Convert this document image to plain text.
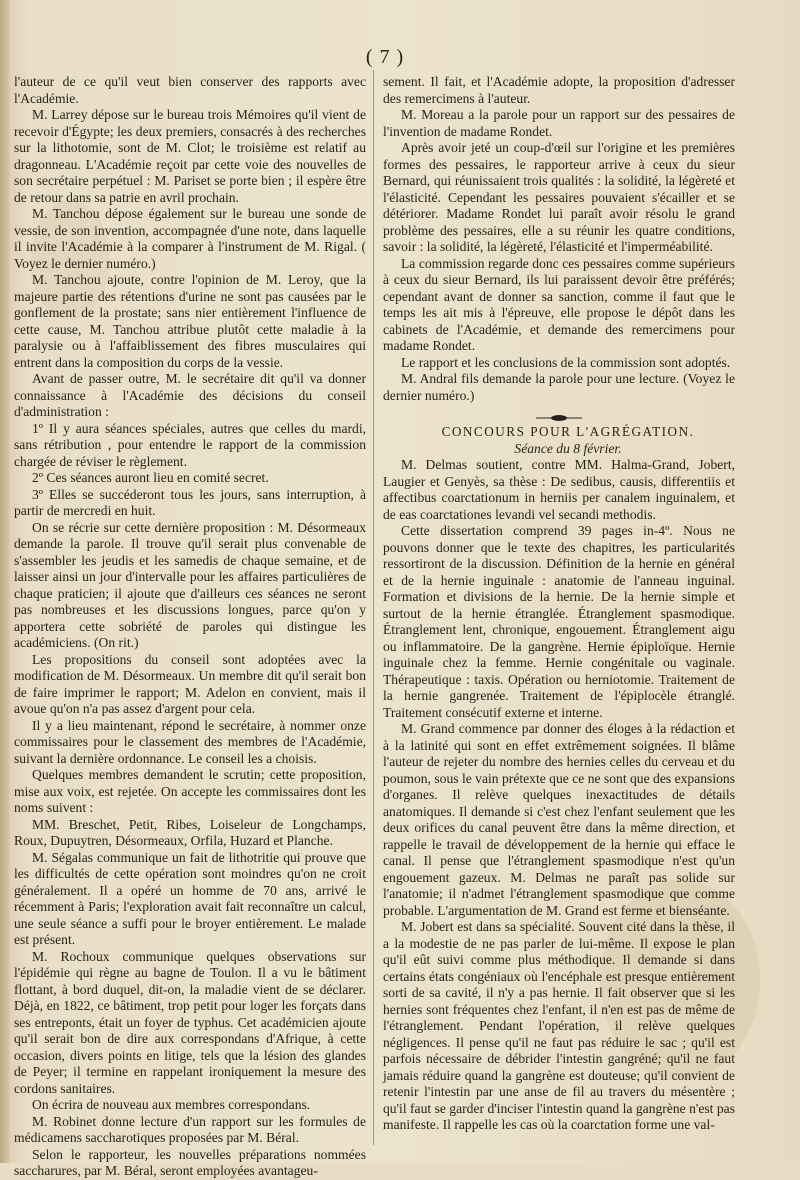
( 7 )

l'auteur de ce qu'il veut bien conserver des rapports avec l'Académie.

M. Larrey dépose sur le bureau trois Mémoires qu'il vient de recevoir d'Égypte; les deux premiers, consacrés à des recherches sur la lithotomie, sont de M. Clot; le troisième est relatif au dragonneau. L'Académie reçoit par cette voie des nouvelles de son secrétaire perpétuel : M. Pariset se porte bien ; il espère être de retour dans sa patrie en avril prochain.

M. Tanchou dépose également sur le bureau une sonde de vessie, de son invention, accompagnée d'une note, dans laquelle il invite l'Académie à la comparer à l'instrument de M. Rigal. ( Voyez le dernier numéro.)

M. Tanchou ajoute, contre l'opinion de M. Leroy, que la majeure partie des rétentions d'urine ne sont pas causées par le gonflement de la prostate; sans nier entièrement l'influence de cette cause, M. Tanchou attribue plutôt cette maladie à la paralysie ou à l'affaiblissement des fibres musculaires qui entrent dans la composition du corps de la vessie.

Avant de passer outre, M. le secrétaire dit qu'il va donner connaissance à l'Académie des décisions du conseil d'administration :

1º Il y aura séances spéciales, autres que celles du mardi, sans rétribution , pour entendre le rapport de la commission chargée de réviser le règlement.

2º Ces séances auront lieu en comité secret.

3º Elles se succéderont tous les jours, sans interruption, à partir de mercredi en huit.

On se récrie sur cette dernière proposition : M. Désormeaux demande la parole. Il trouve qu'il serait plus convenable de s'assembler les jeudis et les samedis de chaque semaine, et de laisser ainsi un jour d'intervalle pour les affaires particulières de chaque praticien; il ajoute que d'ailleurs ces séances ne seront pas nombreuses et les discussions longues, parce qu'on y apportera cette sobriété de paroles qui distingue les académiciens. (On rit.)

Les propositions du conseil sont adoptées avec la modification de M. Désormeaux. Un membre dit qu'il serait bon de faire imprimer le rapport; M. Adelon en convient, mais il avoue qu'on n'a pas assez d'argent pour cela.

Il y a lieu maintenant, répond le secrétaire, à nommer onze commissaires pour le classement des membres de l'Académie, suivant la dernière ordonnance. Le conseil les a choisis.

Quelques membres demandent le scrutin; cette proposition, mise aux voix, est rejetée. On accepte les commissaires dont les noms suivent :

MM. Breschet, Petit, Ribes, Loiseleur de Longchamps, Roux, Dupuytren, Désormeaux, Orfila, Huzard et Planche.

M. Ségalas communique un fait de lithotritie qui prouve que les difficultés de cette opération sont moindres qu'on ne croit généralement. Il a opéré un homme de 70 ans, arrivé le récemment à Paris; l'exploration avait fait reconnaître un calcul, une seule séance a suffi pour le broyer entièrement. Le malade est présent.

M. Rochoux communique quelques observations sur l'épidémie qui règne au bagne de Toulon. Il a vu le bâtiment flottant, à bord duquel, dit-on, la maladie vient de se déclarer. Déjà, en 1822, ce bâtiment, trop petit pour loger les forçats dans ses entreponts, était un foyer de typhus. Cet académicien ajoute qu'il serait bon de dire aux correspondans d'Afrique, à cette occasion, divers points en litige, tels que la lésion des glandes de Peyer; il termine en rappelant ironiquement la mesure des cordons sanitaires.

On écrira de nouveau aux membres correspondans.

M. Robinet donne lecture d'un rapport sur les formules de médicamens saccharotiques proposées par M. Béral.

Selon le rapporteur, les nouvelles préparations nommées saccharures, par M. Béral, seront employées avantageu-

sement. Il fait, et l'Académie adopte, la proposition d'adresser des remercimens à l'auteur.

M. Moreau a la parole pour un rapport sur des pessaires de l'invention de madame Rondet.

Après avoir jeté un coup-d'œil sur l'origine et les premières formes des pessaires, le rapporteur arrive à ceux du sieur Bernard, qui réunissaient trois qualités : la solidité, la légèreté et l'élasticité. Cependant les pessaires pouvaient s'écailler et se détériorer. Madame Rondet lui paraît avoir résolu le grand problème des pessaires, elle a su réunir les quatre conditions, savoir : la solidité, la légèreté, l'élasticité et l'imperméabilité.

La commission regarde donc ces pessaires comme supérieurs à ceux du sieur Bernard, ils lui paraissent devoir être préférés; cependant avant de donner sa sanction, comme il faut que le temps les ait mis à l'épreuve, elle propose le dépôt dans les cabinets de l'Académie, et demande des remercimens pour madame Rondet.

Le rapport et les conclusions de la commission sont adoptés.

M. Andral fils demande la parole pour une lecture. (Voyez le dernier numéro.)

CONCOURS POUR L'AGRÉGATION.

Séance du 8 février.

M. Delmas soutient, contre MM. Halma-Grand, Jobert, Laugier et Genyès, sa thèse : De sedibus, causis, differentiis et affectibus coarctationum in herniis per canalem inguinalem, et de eas coarctationes levandi vel secandi methodis.

Cette dissertation comprend 39 pages in-4º. Nous ne pouvons donner que le texte des chapitres, les particularités ressortiront de la discussion. Définition de la hernie en général et de la hernie inguinale : anatomie de l'anneau inguinal. Formation et divisions de la hernie. De la hernie simple et surtout de la hernie étranglée. Étranglement spasmodique. Étranglement lent, chronique, engouement. Étranglement aigu ou inflammatoire. De la gangrène. Hernie épiploïque. Hernie inguinale chez la femme. Hernie congénitale ou vaginale. Thérapeutique : taxis. Opération ou herniotomie. Traitement de la hernie gangrenée. Traitement de l'épiplocèle étranglé. Traitement consécutif externe et interne.

M. Grand commence par donner des éloges à la rédaction et à la latinité qui sont en effet extrêmement soignées. Il blâme l'auteur de rejeter du nombre des hernies celles du cerveau et du poumon, sous le vain prétexte que ce ne sont que des expansions d'organes. Il relève quelques inexactitudes de détails anatomiques. Il demande si c'est chez l'enfant seulement que les deux orifices du canal peuvent être dans la même direction, et rappelle le travail de développement de la hernie qui efface le canal. Il pense que l'étranglement spasmodique n'est qu'un engouement gazeux. M. Delmas ne paraît pas solide sur l'anatomie; il n'admet l'étranglement spasmodique que comme probable. L'argumentation de M. Grand est ferme et bienséante.

M. Jobert est dans sa spécialité. Souvent cité dans la thèse, il a la modestie de ne pas parler de lui-même. Il expose le plan qu'il eût suivi comme plus méthodique. Il demande si dans certains états congéniaux où l'encéphale est presque entièrement sorti de sa cavité, il n'y a pas hernie. Il fait observer que si les hernies sont fréquentes chez l'enfant, il n'en est pas de même de l'étranglement. Pendant l'opération, il relève quelques négligences. Il pense qu'il ne faut pas réduire le sac ; qu'il est parfois nécessaire de débrider l'intestin gangréné; qu'il ne faut jamais réduire quand la gangrène est douteuse; qu'il convient de retenir l'intestin par une anse de fil au travers du mésentère ; qu'il faut se garder d'inciser l'intestin quand la gangrène n'est pas manifeste. Il rappelle les cas où la coarctation forme une val-
